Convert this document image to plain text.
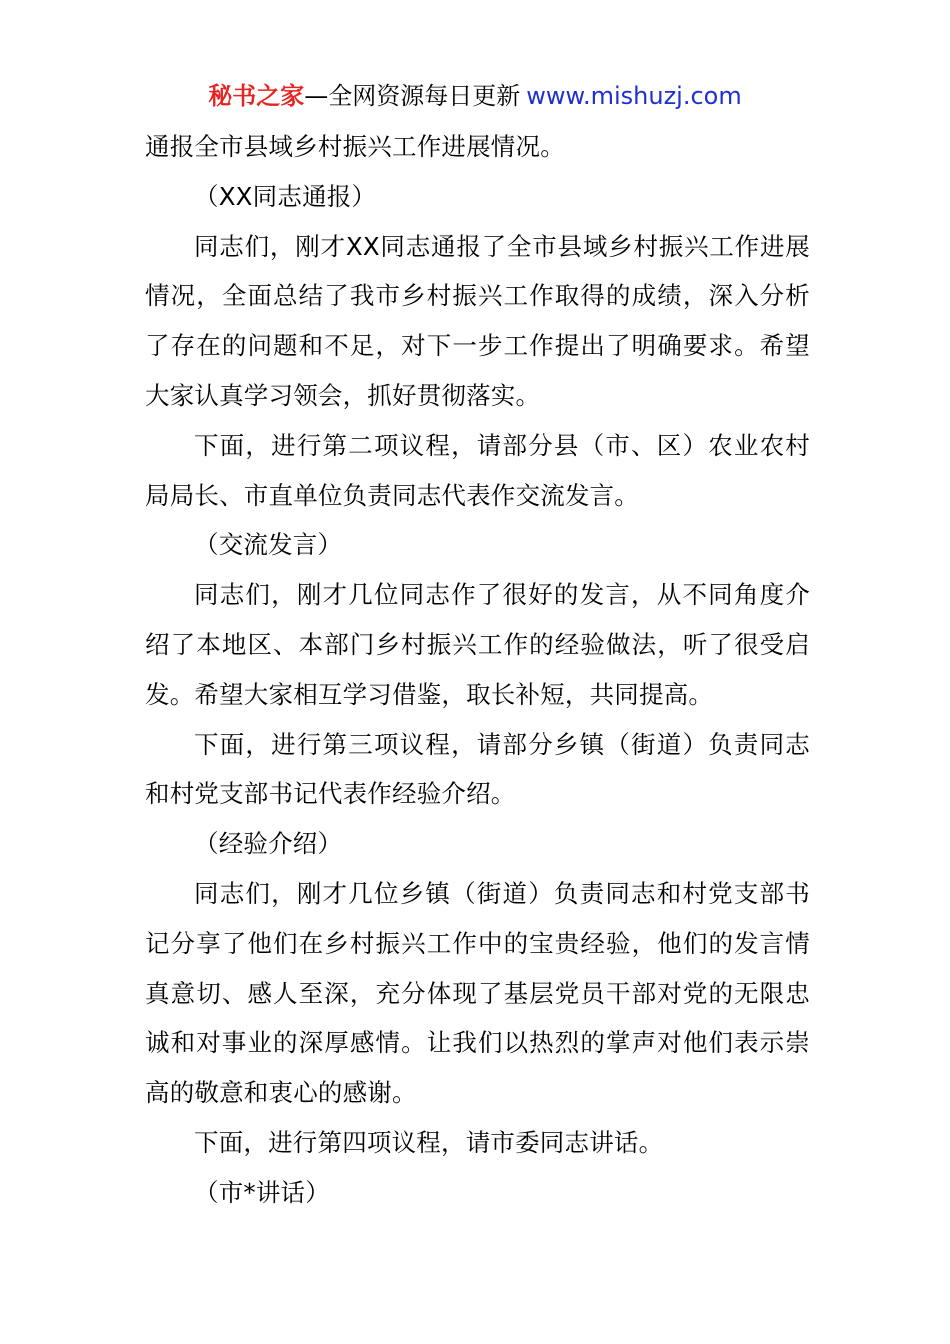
秘书之家—全网资源每日更新 www.mishuzj.com

通报全市县域乡村振兴工作进展情况。

（XX同志通报）

同志们，刚才XX同志通报了全市县域乡村振兴工作进展情况，全面总结了我市乡村振兴工作取得的成绩，深入分析了存在的问题和不足，对下一步工作提出了明确要求。希望大家认真学习领会，抓好贯彻落实。

下面，进行第二项议程，请部分县（市、区）农业农村局局长、市直单位负责同志代表作交流发言。

（交流发言）

同志们，刚才几位同志作了很好的发言，从不同角度介绍了本地区、本部门乡村振兴工作的经验做法，听了很受启发。希望大家相互学习借鉴，取长补短，共同提高。

下面，进行第三项议程，请部分乡镇（街道）负责同志和村党支部书记代表作经验介绍。

（经验介绍）

同志们，刚才几位乡镇（街道）负责同志和村党支部书记分享了他们在乡村振兴工作中的宝贵经验，他们的发言情真意切、感人至深，充分体现了基层党员干部对党的无限忠诚和对事业的深厚感情。让我们以热烈的掌声对他们表示崇高的敬意和衷心的感谢。

下面，进行第四项议程，请市委同志讲话。

（市*讲话）
